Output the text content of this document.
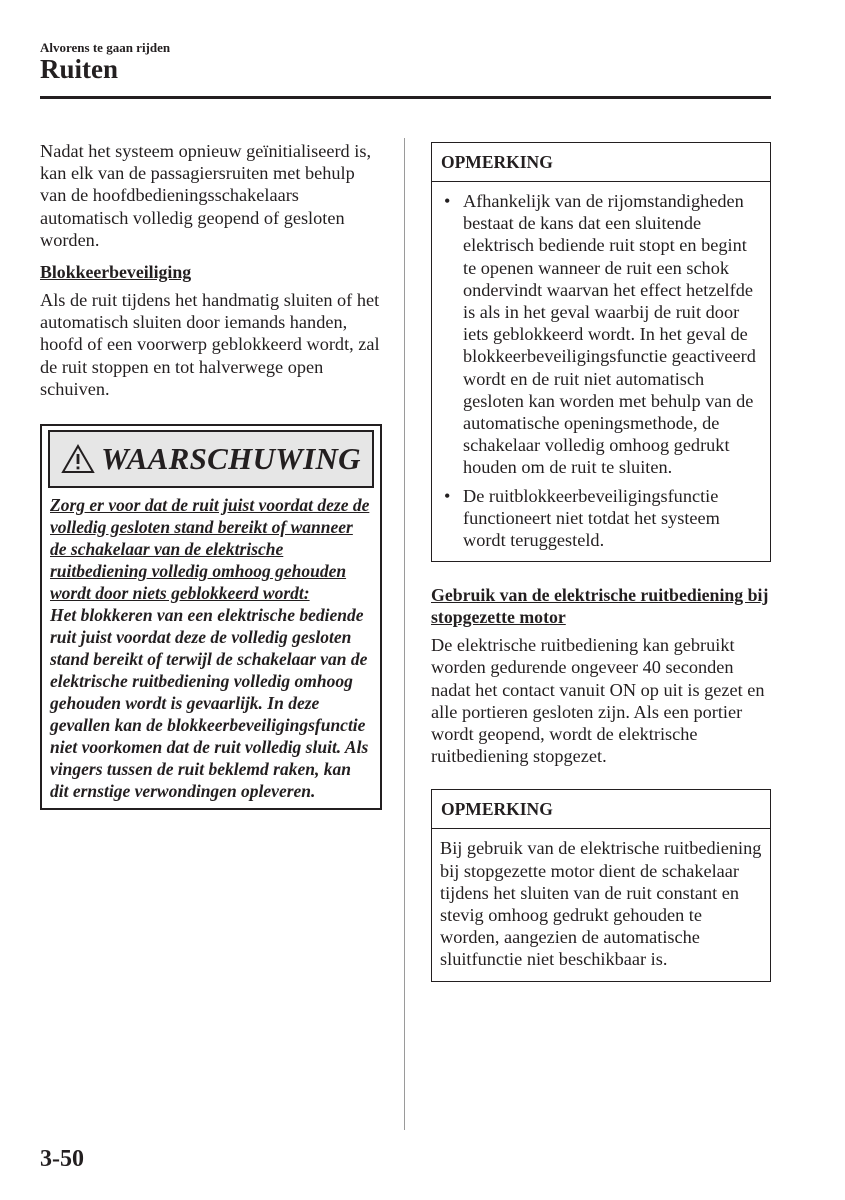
Alvorens te gaan rijden
Ruiten

Nadat het systeem opnieuw geïnitialiseerd is, kan elk van de passagiersruiten met behulp van de hoofdbedieningsschakelaars automatisch volledig geopend of gesloten worden.

Blokkeerbeveiliging

Als de ruit tijdens het handmatig sluiten of het automatisch sluiten door iemands handen, hoofd of een voorwerp geblokkeerd wordt, zal de ruit stoppen en tot halverwege open schuiven.

WAARSCHUWING
Zorg er voor dat de ruit juist voordat deze de volledig gesloten stand bereikt of wanneer de schakelaar van de elektrische ruitbediening volledig omhoog gehouden wordt door niets geblokkeerd wordt:
Het blokkeren van een elektrische bediende ruit juist voordat deze de volledig gesloten stand bereikt of terwijl de schakelaar van de elektrische ruitbediening volledig omhoog gehouden wordt is gevaarlijk. In deze gevallen kan de blokkeerbeveiligingsfunctie niet voorkomen dat de ruit volledig sluit. Als vingers tussen de ruit beklemd raken, kan dit ernstige verwondingen opleveren.
OPMERKING
• Afhankelijk van de rijomstandigheden bestaat de kans dat een sluitende elektrisch bediende ruit stopt en begint te openen wanneer de ruit een schok ondervindt waarvan het effect hetzelfde is als in het geval waarbij de ruit door iets geblokkeerd wordt. In het geval de blokkeerbeveiligingsfunctie geactiveerd wordt en de ruit niet automatisch gesloten kan worden met behulp van de automatische openingsmethode, de schakelaar volledig omhoog gedrukt houden om de ruit te sluiten.
• De ruitblokkeerbeveiligingsfunctie functioneert niet totdat het systeem wordt teruggesteld.
Gebruik van de elektrische ruitbediening bij stopgezette motor

De elektrische ruitbediening kan gebruikt worden gedurende ongeveer 40 seconden nadat het contact vanuit ON op uit is gezet en alle portieren gesloten zijn. Als een portier wordt geopend, wordt de elektrische ruitbediening stopgezet.

OPMERKING
Bij gebruik van de elektrische ruitbediening bij stopgezette motor dient de schakelaar tijdens het sluiten van de ruit constant en stevig omhoog gedrukt gehouden te worden, aangezien de automatische sluitfunctie niet beschikbaar is.
3-50
